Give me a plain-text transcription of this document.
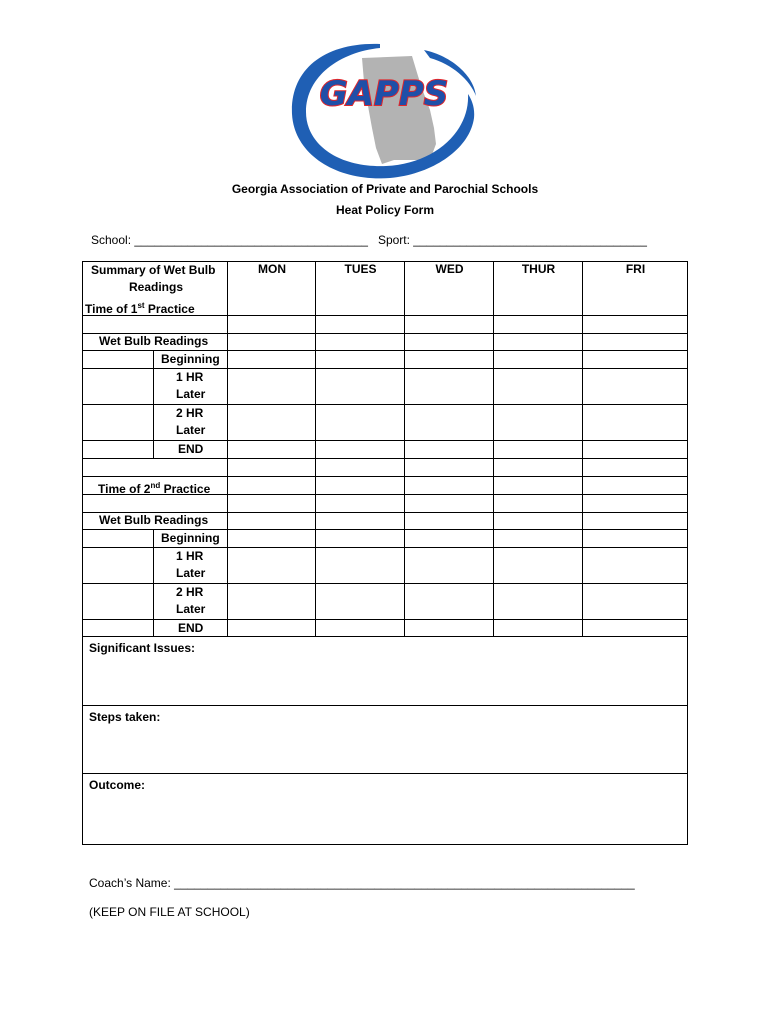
GAPPS
Georgia Association of Private and Parochial Schools
Heat Policy Form
School: ___________________________________   Sport: ___________________________________
MON	TUES	WED	THUR	FRI
Summary of Wet Bulb
Readings
Time of 1st Practice
Wet Bulb Readings
Beginning
1 HR
Later
2 HR
Later
END
Time of 2nd Practice
Wet Bulb Readings
Beginning
1 HR
Later
2 HR
Later
END
Significant Issues:
Steps taken:
Outcome:
Coach’s Name: _____________________________________________________________________
(KEEP ON FILE AT SCHOOL)
